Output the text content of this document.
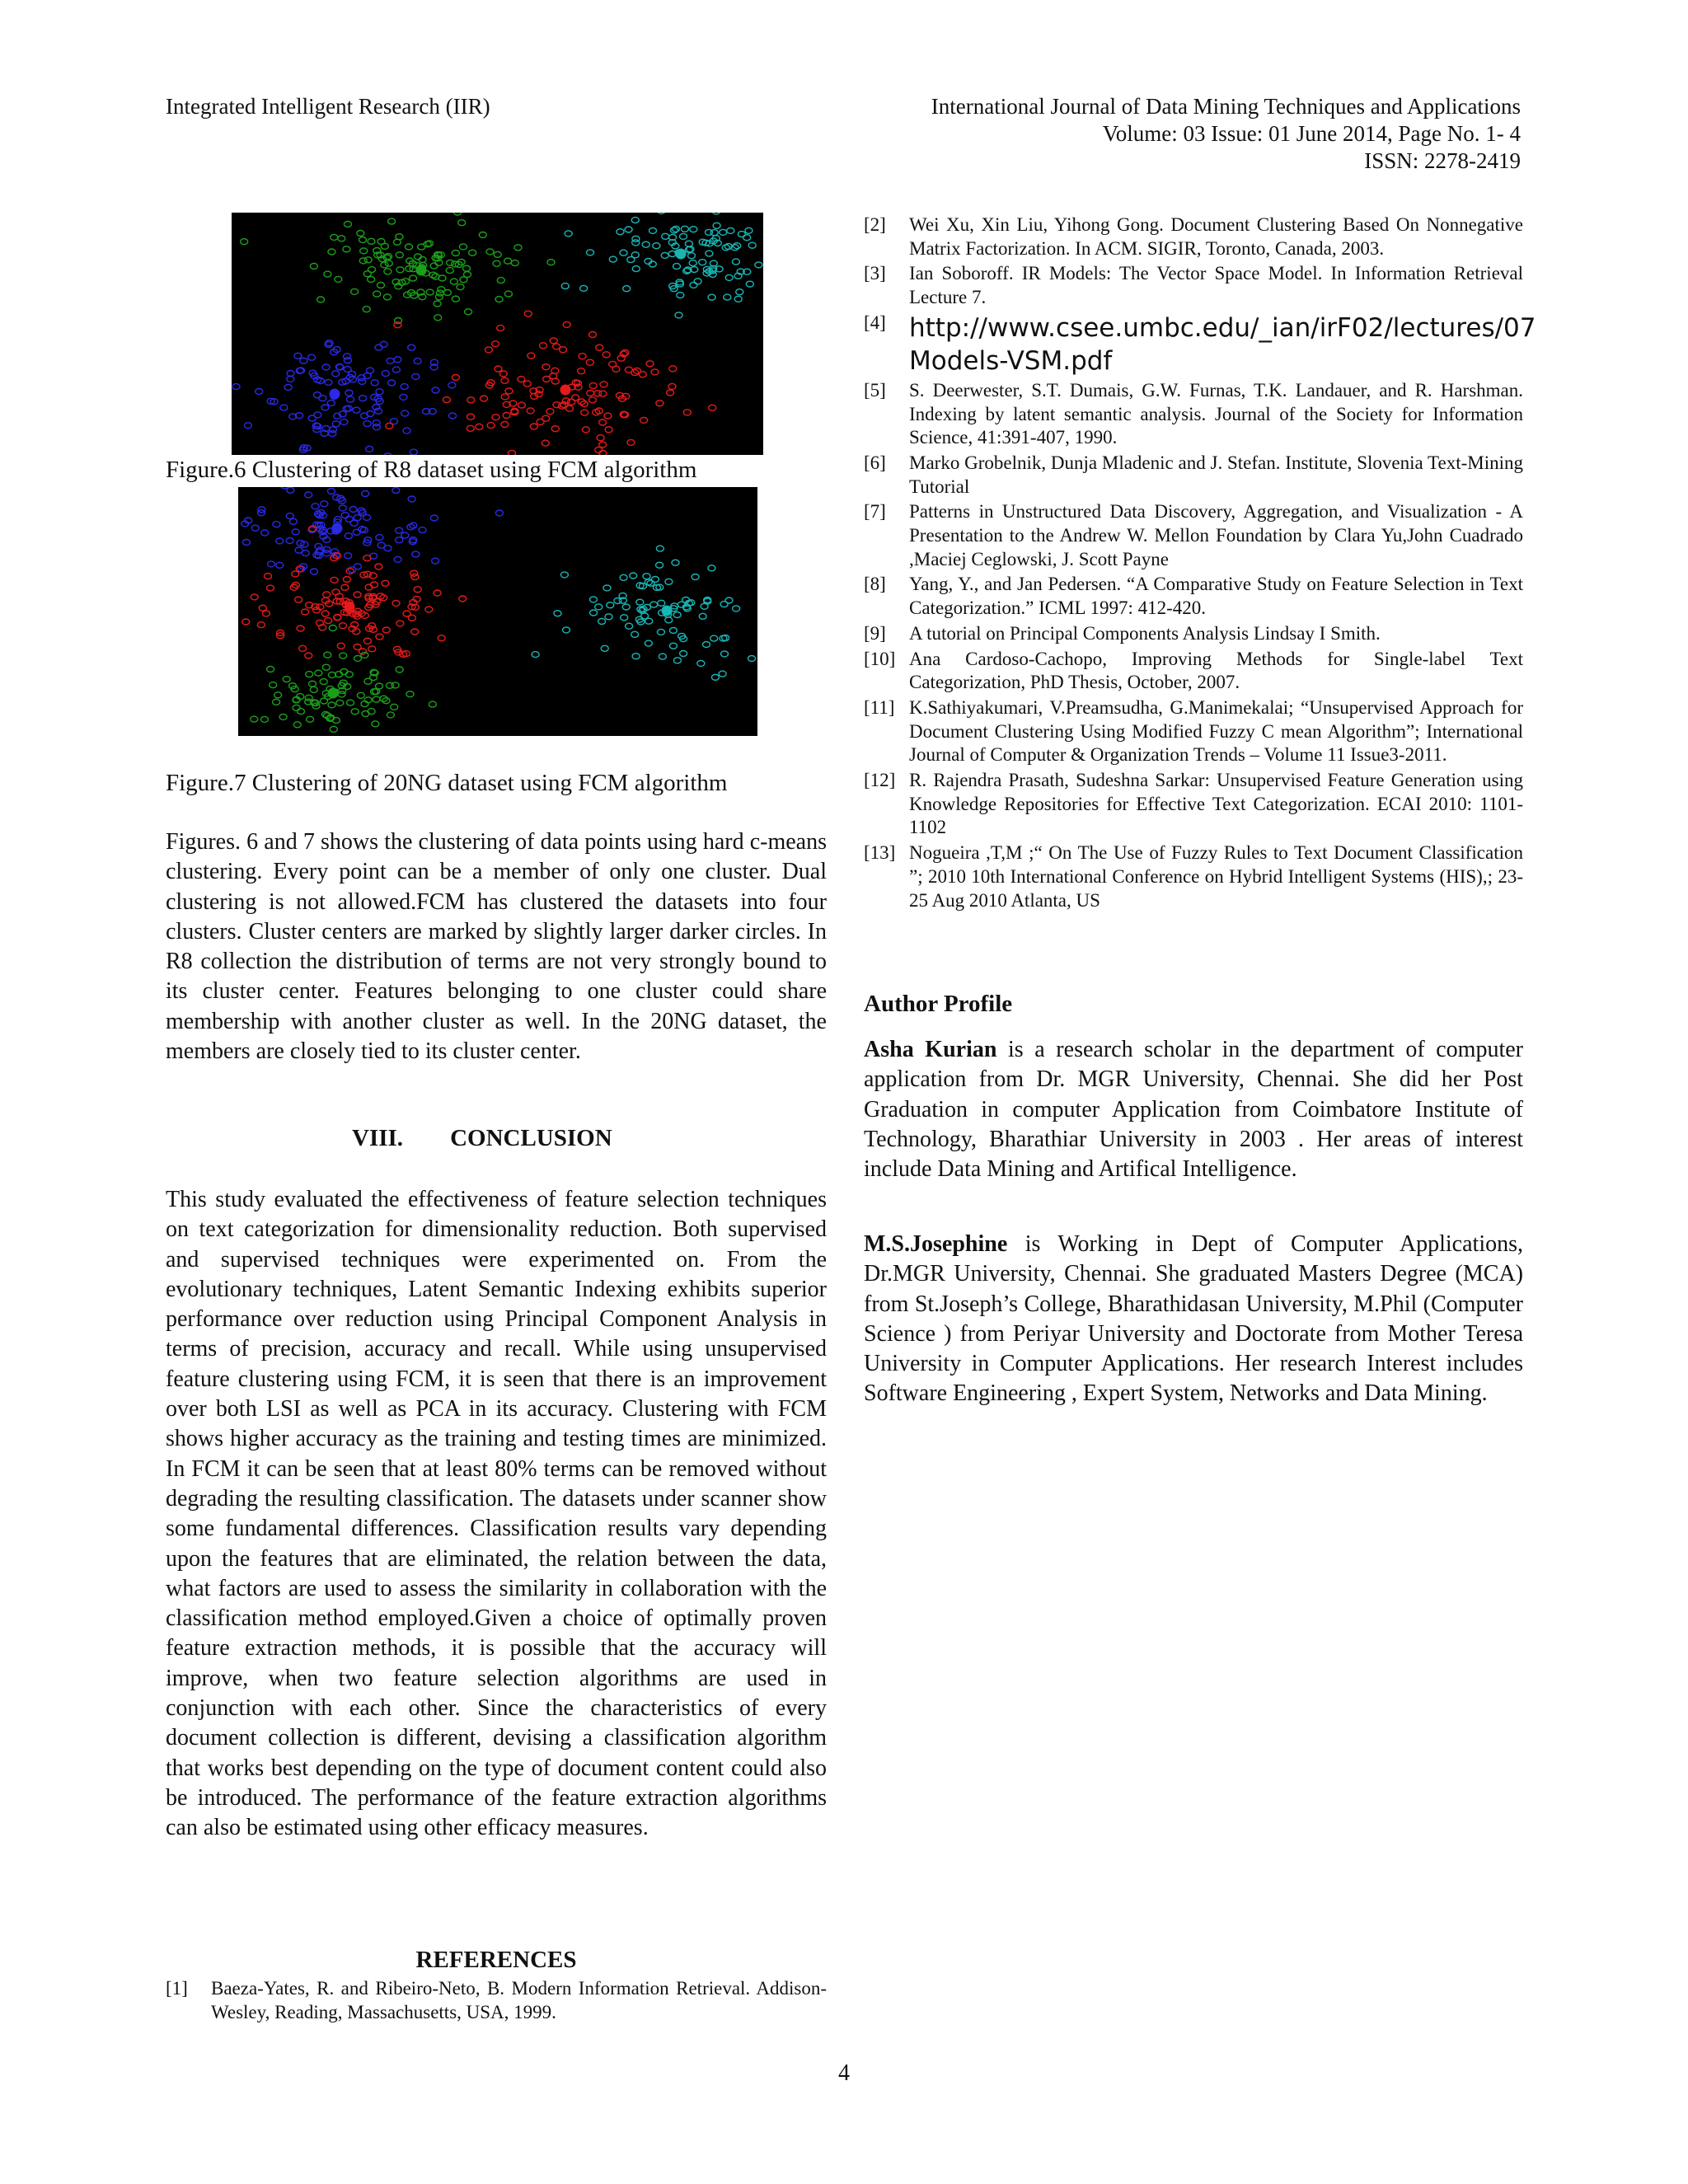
Integrated Intelligent Research (IIR)	International Journal of Data Mining Techniques and Applications
Volume: 03 Issue: 01 June 2014, Page No. 1- 4
ISSN: 2278-2419
Figure.6 Clustering of R8 dataset using FCM algorithm
Figure.7 Clustering of 20NG dataset using FCM algorithm

Figures. 6 and 7 shows the clustering of data points using hard c-means clustering. Every point can be a member of only one cluster. Dual clustering is not allowed.FCM has clustered the datasets into four clusters. Cluster centers are marked by slightly larger darker circles. In R8 collection the distribution of terms are not very strongly bound to its cluster center. Features belonging to one cluster could share membership with another cluster as well. In the 20NG dataset, the members are closely tied to its cluster center.

VIII. CONCLUSION

This study evaluated the effectiveness of feature selection techniques on text categorization for dimensionality reduction. Both supervised and supervised techniques were experimented on. From the evolutionary techniques, Latent Semantic Indexing exhibits superior performance over reduction using Principal Component Analysis in terms of precision, accuracy and recall. While using unsupervised feature clustering using FCM, it is seen that there is an improvement over both LSI as well as PCA in its accuracy. Clustering with FCM shows higher accuracy as the training and testing times are minimized. In FCM it can be seen that at least 80% terms can be removed without degrading the resulting classification. The datasets under scanner show some fundamental differences. Classification results vary depending upon the features that are eliminated, the relation between the data, what factors are used to assess the similarity in collaboration with the classification method employed.Given a choice of optimally proven feature extraction methods, it is possible that the accuracy will improve, when two feature selection algorithms are used in conjunction with each other. Since the characteristics of every document collection is different, devising a classification algorithm that works best depending on the type of document content could also be introduced. The performance of the feature extraction algorithms can also be estimated using other efficacy measures.

REFERENCES
[1]	Baeza-Yates, R. and Ribeiro-Neto, B. Modern Information Retrieval. Addison-Wesley, Reading, Massachusetts, USA, 1999.
[2]	Wei Xu, Xin Liu, Yihong Gong. Document Clustering Based On Nonnegative Matrix Factorization. In ACM. SIGIR, Toronto, Canada, 2003.
[3]	Ian Soboroff. IR Models: The Vector Space Model. In Information Retrieval Lecture 7.
[4] http://www.csee.umbc.edu/_ian/irF02/lectures/07 Models-VSM.pdf
[5]	S. Deerwester, S.T. Dumais, G.W. Furnas, T.K. Landauer, and R. Harshman. Indexing by latent semantic analysis. Journal of the Society for Information Science, 41:391-407, 1990.
[6]	Marko Grobelnik, Dunja Mladenic and J. Stefan. Institute, Slovenia Text-Mining Tutorial
[7]	Patterns in Unstructured Data Discovery, Aggregation, and Visualization - A Presentation to the Andrew W. Mellon Foundation by Clara Yu,John Cuadrado ,Maciej Ceglowski, J. Scott Payne
[8]	Yang, Y., and Jan Pedersen. “A Comparative Study on Feature Selection in Text Categorization.” ICML 1997: 412-420.
[9]	A tutorial on Principal Components Analysis Lindsay I Smith.
[10] Ana Cardoso-Cachopo, Improving Methods for Single-label Text Categorization, PhD Thesis, October, 2007.
[11] K.Sathiyakumari, V.Preamsudha, G.Manimekalai; “Unsupervised Approach for Document Clustering Using Modified Fuzzy C mean Algorithm”; International Journal of Computer & Organization Trends – Volume 11 Issue3-2011.
[12] R. Rajendra Prasath, Sudeshna Sarkar: Unsupervised Feature Generation using Knowledge Repositories for Effective Text Categorization. ECAI 2010: 1101-1102
[13] Nogueira ,T,M ;“ On The Use of Fuzzy Rules to Text Document Classification ”; 2010 10th International Conference on Hybrid Intelligent Systems (HIS),; 23-25 Aug 2010 Atlanta, US
Author Profile

Asha Kurian is a research scholar in the department of computer application from Dr. MGR University, Chennai. She did her Post Graduation in computer Application from Coimbatore Institute of Technology, Bharathiar University in 2003 . Her areas of interest include Data Mining and Artifical Intelligence.

M.S.Josephine is Working in Dept of Computer Applications, Dr.MGR University, Chennai. She graduated Masters Degree (MCA) from St.Joseph’s College, Bharathidasan University, M.Phil (Computer Science ) from Periyar University and Doctorate from Mother Teresa University in Computer Applications. Her research Interest includes Software Engineering , Expert System, Networks and Data Mining.

4
